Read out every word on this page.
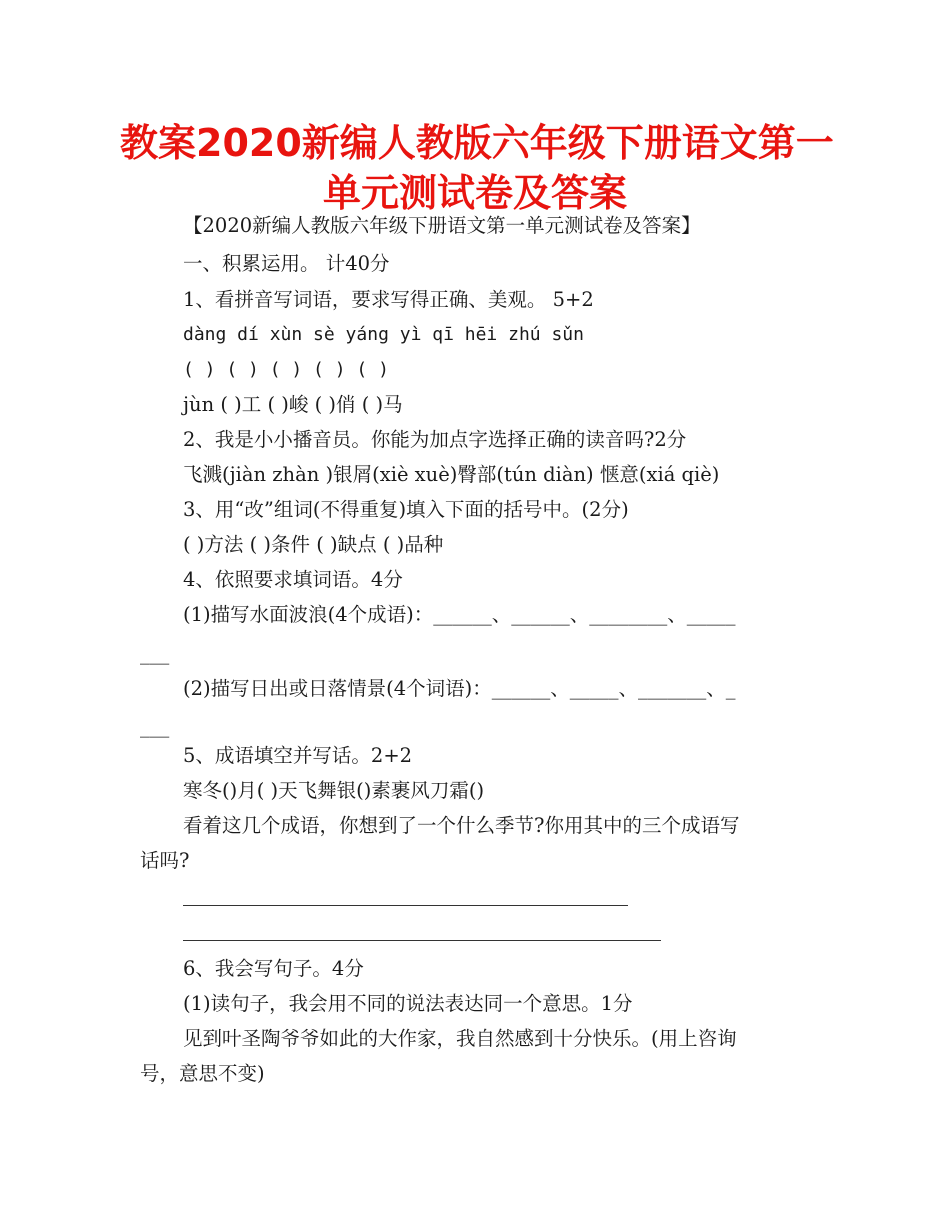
教案2020新编人教版六年级下册语文第一
单元测试卷及答案
【2020新编人教版六年级下册语文第一单元测试卷及答案】
一、积累运用。 计40分
1、看拼音写词语，要求写得正确、美观。 5+2
dàng dí xùn sè yáng yì qī hēi zhú sǔn
( ) ( ) ( ) ( ) ( )
jùn ( )工 ( )峻 ( )俏 ( )马
2、我是小小播音员。你能为加点字选择正确的读音吗?2分
飞溅(jiàn zhàn )银屑(xiè xuè)臀部(tún diàn) 惬意(xiá qiè)
3、用“改”组词(不得重复)填入下面的括号中。(2分)
( )方法 ( )条件 ( )缺点 ( )品种
4、依照要求填词语。4分
(1)描写水面波浪(4个成语)：______、______、________、_____
___
(2)描写日出或日落情景(4个词语)：______、_____、_______、_
___
5、成语填空并写话。2+2
寒冬()月( )天飞舞银()素裹风刀霜()
看着这几个成语，你想到了一个什么季节?你用其中的三个成语写
话吗?
6、我会写句子。4分
(1)读句子，我会用不同的说法表达同一个意思。1分
见到叶圣陶爷爷如此的大作家，我自然感到十分快乐。(用上咨询
号，意思不变)
